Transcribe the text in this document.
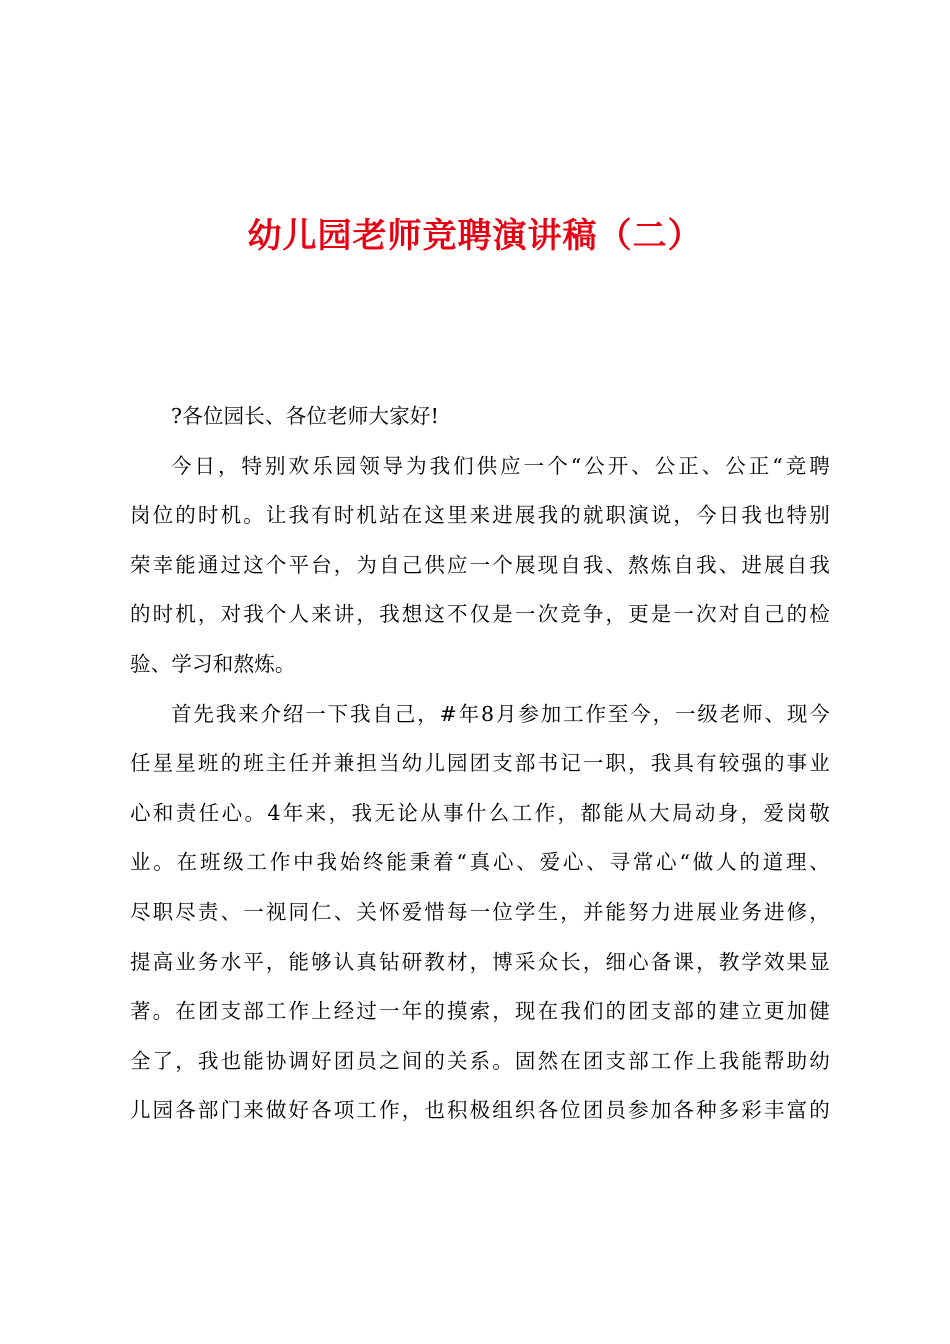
幼儿园老师竞聘演讲稿（二）
?各位园长、各位老师大家好!
今日，特别欢乐园领导为我们供应一个“公开、公正、公正“竞聘
岗位的时机。让我有时机站在这里来进展我的就职演说，今日我也特别
荣幸能通过这个平台，为自己供应一个展现自我、熬炼自我、进展自我
的时机，对我个人来讲，我想这不仅是一次竞争，更是一次对自己的检
验、学习和熬炼。
首先我来介绍一下我自己，#年8月参加工作至今，一级老师、现今
任星星班的班主任并兼担当幼儿园团支部书记一职，我具有较强的事业
心和责任心。4年来，我无论从事什么工作，都能从大局动身，爱岗敬
业。在班级工作中我始终能秉着“真心、爱心、寻常心“做人的道理、
尽职尽责、一视同仁、关怀爱惜每一位学生，并能努力进展业务进修，
提高业务水平，能够认真钻研教材，博采众长，细心备课，教学效果显
著。在团支部工作上经过一年的摸索，现在我们的团支部的建立更加健
全了，我也能协调好团员之间的关系。固然在团支部工作上我能帮助幼
儿园各部门来做好各项工作，也积极组织各位团员参加各种多彩丰富的
